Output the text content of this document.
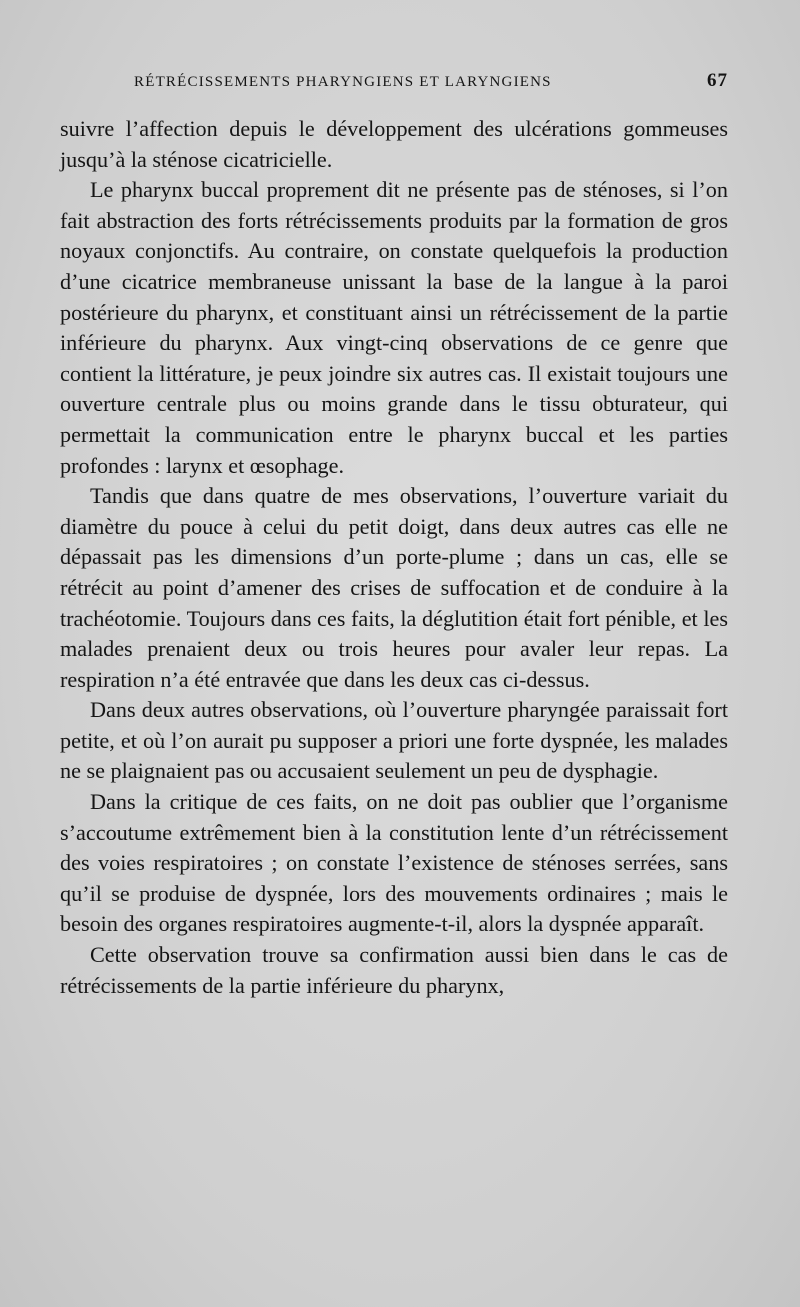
RÉTRÉCISSEMENTS PHARYNGIENS ET LARYNGIENS	67

suivre l’affection depuis le développement des ulcérations gommeuses jusqu’à la sténose cicatricielle.

Le pharynx buccal proprement dit ne présente pas de sténoses, si l’on fait abstraction des forts rétrécissements produits par la formation de gros noyaux conjonctifs. Au contraire, on constate quelquefois la production d’une cicatrice membraneuse unissant la base de la langue à la paroi postérieure du pharynx, et constituant ainsi un rétrécissement de la partie inférieure du pharynx. Aux vingt-cinq observations de ce genre que contient la littérature, je peux joindre six autres cas. Il existait toujours une ouverture centrale plus ou moins grande dans le tissu obturateur, qui permettait la communication entre le pharynx buccal et les parties profondes : larynx et œsophage.

Tandis que dans quatre de mes observations, l’ouverture variait du diamètre du pouce à celui du petit doigt, dans deux autres cas elle ne dépassait pas les dimensions d’un porte-plume ; dans un cas, elle se rétrécit au point d’amener des crises de suffocation et de conduire à la trachéotomie. Toujours dans ces faits, la déglutition était fort pénible, et les malades prenaient deux ou trois heures pour avaler leur repas. La respiration n’a été entravée que dans les deux cas ci-dessus.

Dans deux autres observations, où l’ouverture pharyngée paraissait fort petite, et où l’on aurait pu supposer a priori une forte dyspnée, les malades ne se plaignaient pas ou accusaient seulement un peu de dysphagie.

Dans la critique de ces faits, on ne doit pas oublier que l’organisme s’accoutume extrêmement bien à la constitution lente d’un rétrécissement des voies respiratoires ; on constate l’existence de sténoses serrées, sans qu’il se produise de dyspnée, lors des mouvements ordinaires ; mais le besoin des organes respiratoires augmente-t-il, alors la dyspnée apparaît.

Cette observation trouve sa confirmation aussi bien dans le cas de rétrécissements de la partie inférieure du pharynx,
